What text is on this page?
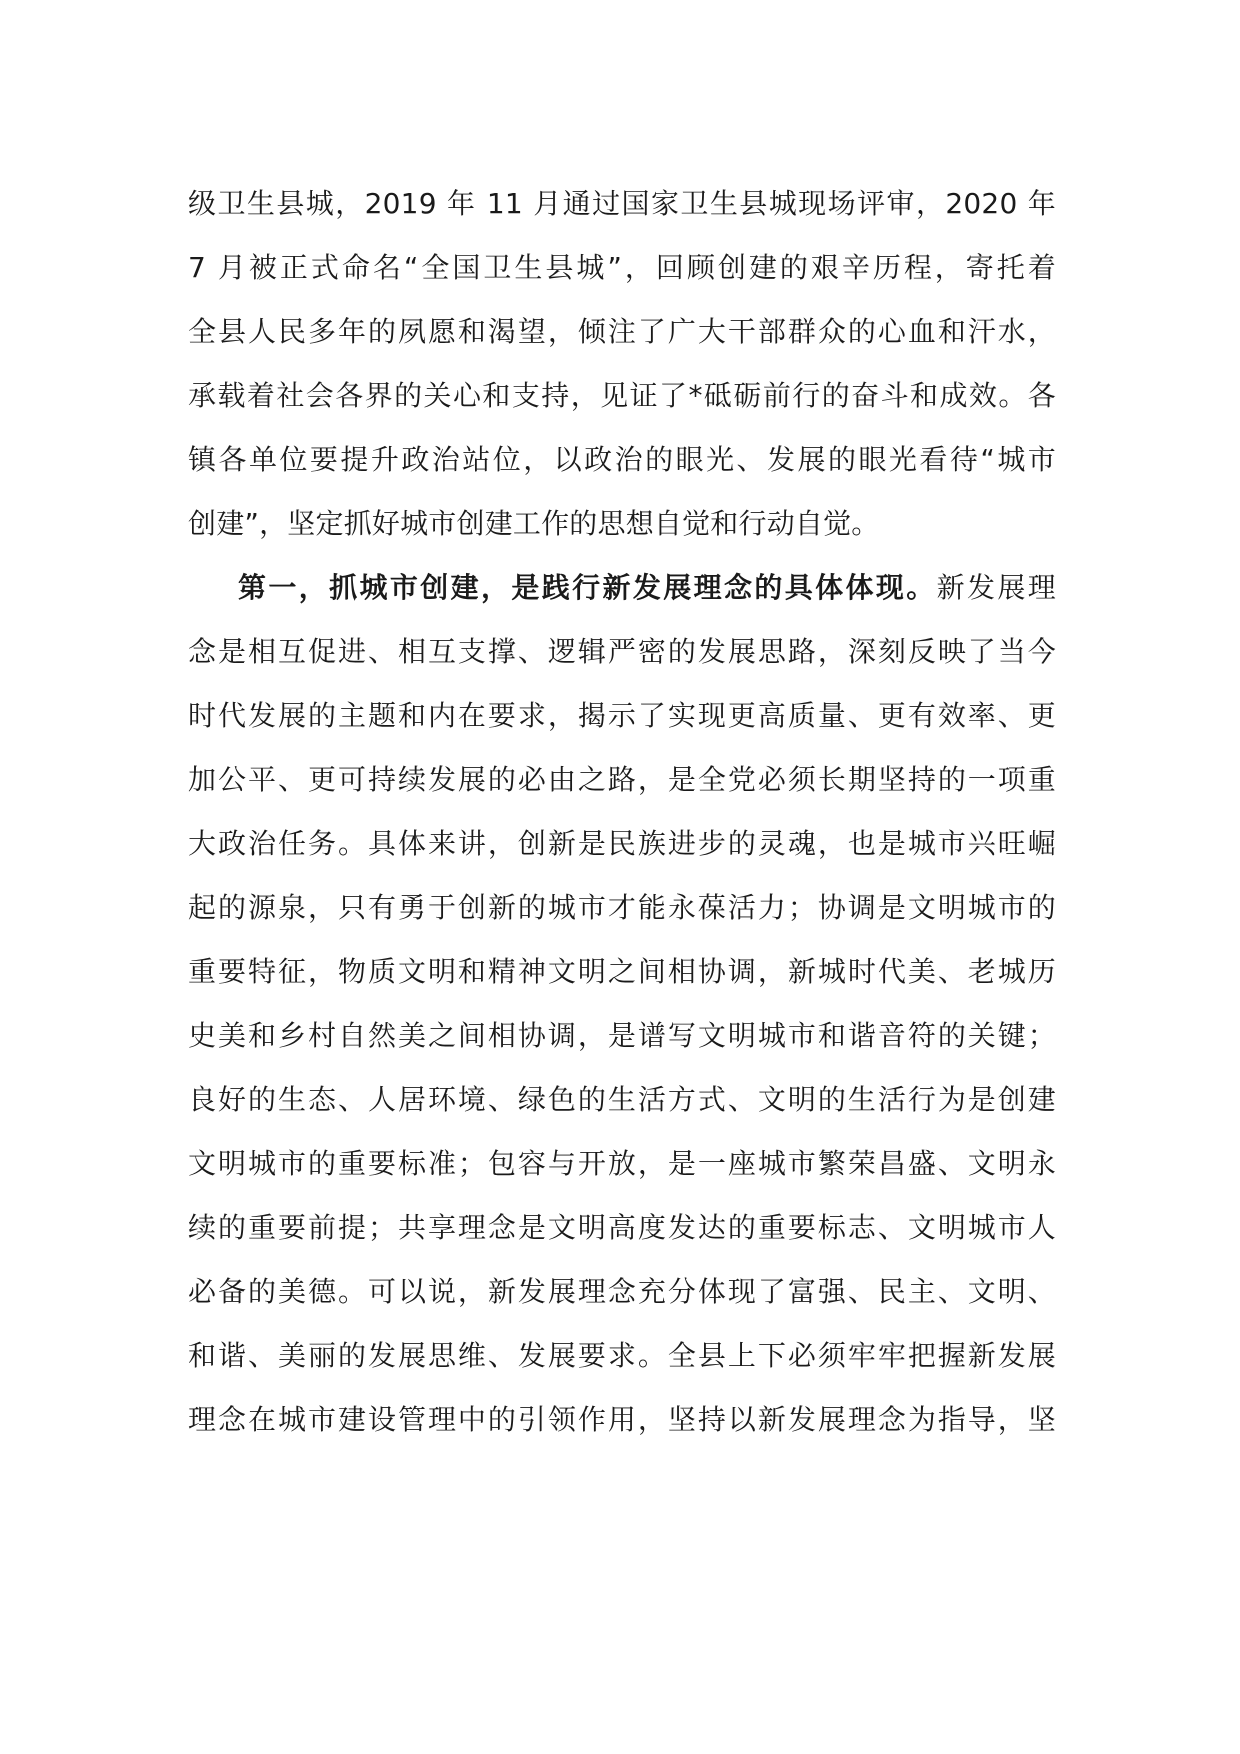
级卫生县城，2019 年 11 月通过国家卫生县城现场评审，2020 年
7 月被正式命名“全国卫生县城”，回顾创建的艰辛历程，寄托着
全县人民多年的夙愿和渴望，倾注了广大干部群众的心血和汗水，
承载着社会各界的关心和支持，见证了*砥砺前行的奋斗和成效。各
镇各单位要提升政治站位，以政治的眼光、发展的眼光看待“城市
创建”，坚定抓好城市创建工作的思想自觉和行动自觉。

第一，抓城市创建，是践行新发展理念的具体体现。新发展理
念是相互促进、相互支撑、逻辑严密的发展思路，深刻反映了当今
时代发展的主题和内在要求，揭示了实现更高质量、更有效率、更
加公平、更可持续发展的必由之路，是全党必须长期坚持的一项重
大政治任务。具体来讲，创新是民族进步的灵魂，也是城市兴旺崛
起的源泉，只有勇于创新的城市才能永葆活力；协调是文明城市的
重要特征，物质文明和精神文明之间相协调，新城时代美、老城历
史美和乡村自然美之间相协调，是谱写文明城市和谐音符的关键；
良好的生态、人居环境、绿色的生活方式、文明的生活行为是创建
文明城市的重要标准；包容与开放，是一座城市繁荣昌盛、文明永
续的重要前提；共享理念是文明高度发达的重要标志、文明城市人
必备的美德。可以说，新发展理念充分体现了富强、民主、文明、
和谐、美丽的发展思维、发展要求。全县上下必须牢牢把握新发展
理念在城市建设管理中的引领作用，坚持以新发展理念为指导，坚
